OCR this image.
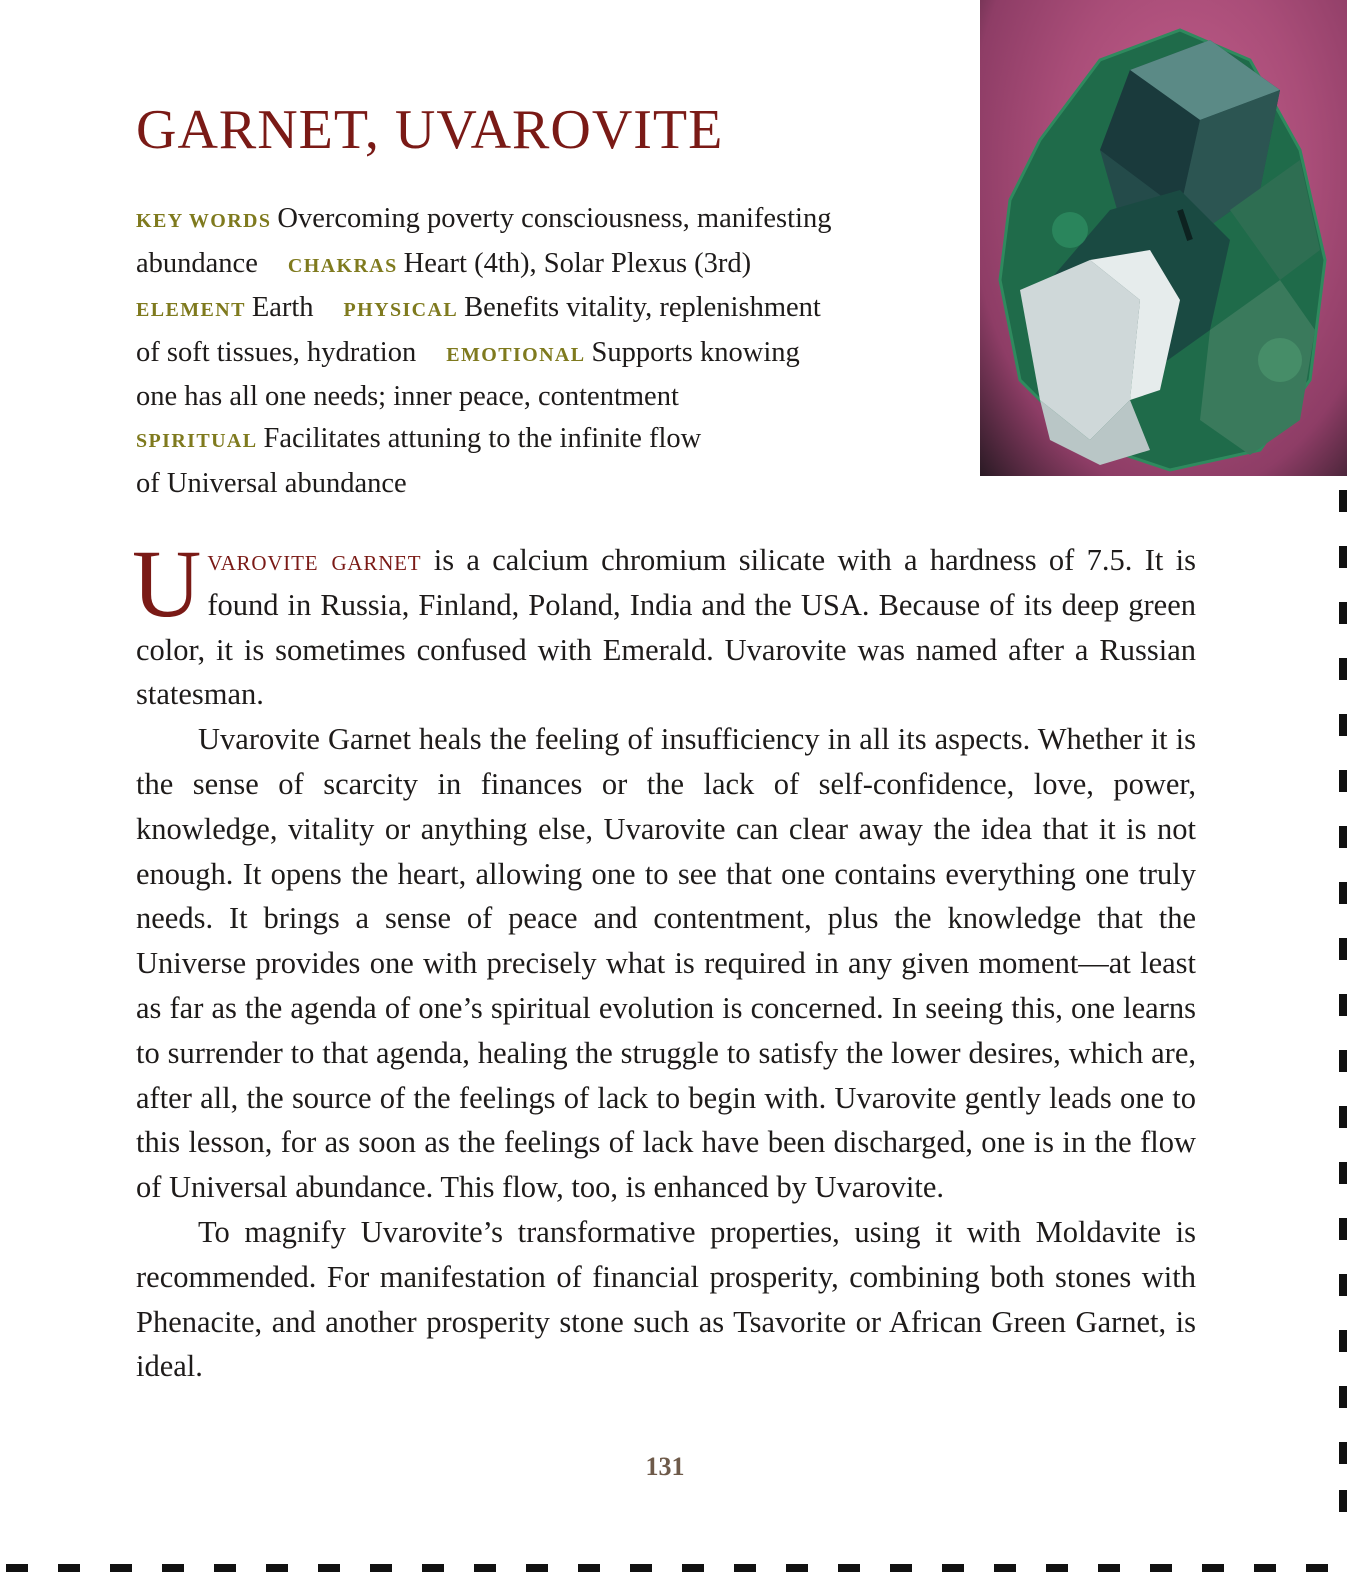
GARNET, UVAROVITE
KEY WORDS Overcoming poverty consciousness, manifesting
abundance CHAKRAS Heart (4th), Solar Plexus (3rd)
ELEMENT Earth PHYSICAL Benefits vitality, replenishment
of soft tissues, hydration EMOTIONAL Supports knowing
one has all one needs; inner peace, contentment
SPIRITUAL Facilitates attuning to the infinite flow
of Universal abundance

Uvarovite garnet is a calcium chromium silicate with a hardness of 7.5. It is found in Russia, Finland, Poland, India and the USA. Because of its deep green color, it is sometimes confused with Emerald. Uvarovite was named after a Russian statesman.

Uvarovite Garnet heals the feeling of insufficiency in all its aspects. Whether it is the sense of scarcity in finances or the lack of self-confidence, love, power, knowledge, vitality or anything else, Uvarovite can clear away the idea that it is not enough. It opens the heart, allowing one to see that one contains everything one truly needs. It brings a sense of peace and contentment, plus the knowledge that the Universe provides one with precisely what is required in any given moment—at least as far as the agenda of one’s spiritual evolution is concerned. In seeing this, one learns to surrender to that agenda, healing the struggle to satisfy the lower desires, which are, after all, the source of the feelings of lack to begin with. Uvarovite gently leads one to this lesson, for as soon as the feelings of lack have been discharged, one is in the flow of Universal abundance. This flow, too, is enhanced by Uvarovite.

To magnify Uvarovite’s transformative properties, using it with Moldavite is recommended. For manifestation of financial prosperity, combining both stones with Phenacite, and another prosperity stone such as Tsavorite or African Green Garnet, is ideal.

131
